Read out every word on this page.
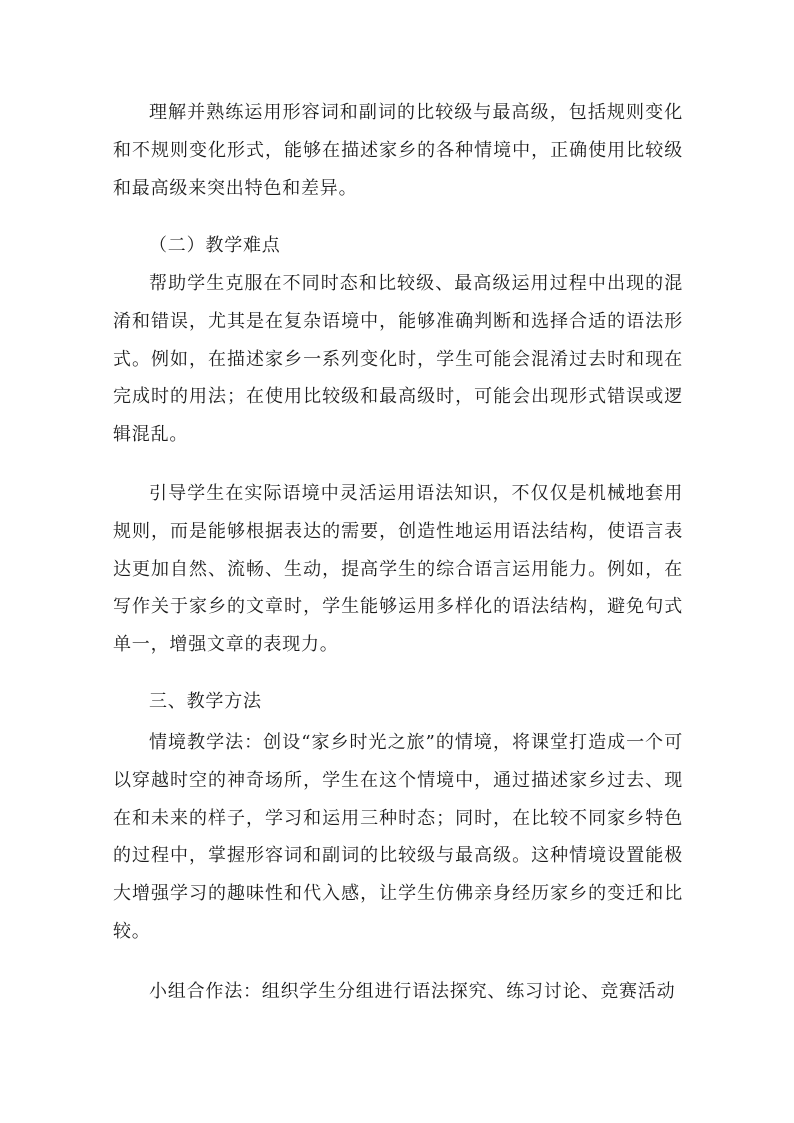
理解并熟练运用形容词和副词的比较级与最高级，包括规则变化和不规则变化形式，能够在描述家乡的各种情境中，正确使用比较级和最高级来突出特色和差异。

（二）教学难点

帮助学生克服在不同时态和比较级、最高级运用过程中出现的混淆和错误，尤其是在复杂语境中，能够准确判断和选择合适的语法形式。例如，在描述家乡一系列变化时，学生可能会混淆过去时和现在完成时的用法；在使用比较级和最高级时，可能会出现形式错误或逻辑混乱。

引导学生在实际语境中灵活运用语法知识，不仅仅是机械地套用规则，而是能够根据表达的需要，创造性地运用语法结构，使语言表达更加自然、流畅、生动，提高学生的综合语言运用能力。例如，在写作关于家乡的文章时，学生能够运用多样化的语法结构，避免句式单一，增强文章的表现力。

三、教学方法

情境教学法：创设“家乡时光之旅”的情境，将课堂打造成一个可以穿越时空的神奇场所，学生在这个情境中，通过描述家乡过去、现在和未来的样子，学习和运用三种时态；同时，在比较不同家乡特色的过程中，掌握形容词和副词的比较级与最高级。这种情境设置能极大增强学习的趣味性和代入感，让学生仿佛亲身经历家乡的变迁和比较。

小组合作法：组织学生分组进行语法探究、练习讨论、竞赛活动
